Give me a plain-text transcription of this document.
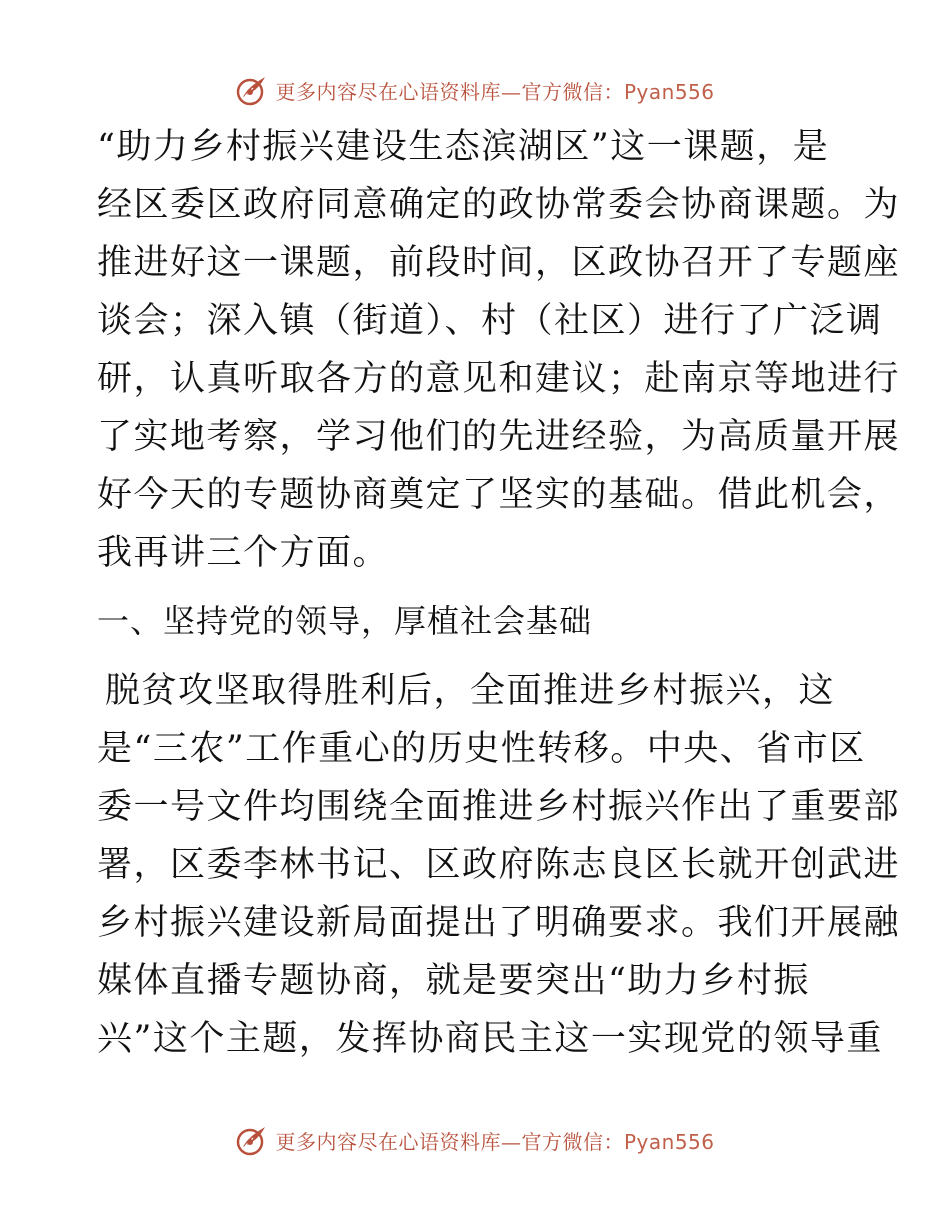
更多内容尽在心语资料库—官方微信：Pyan556
“助力乡村振兴建设生态滨湖区”这一课题，是
经区委区政府同意确定的政协常委会协商课题。为
推进好这一课题，前段时间，区政协召开了专题座
谈会；深入镇（街道）、村（社区）进行了广泛调
研，认真听取各方的意见和建议；赴南京等地进行
了实地考察，学习他们的先进经验，为高质量开展
好今天的专题协商奠定了坚实的基础。借此机会，
我再讲三个方面。
一、坚持党的领导，厚植社会基础
脱贫攻坚取得胜利后，全面推进乡村振兴，这
是“三农”工作重心的历史性转移。中央、省市区
委一号文件均围绕全面推进乡村振兴作出了重要部
署，区委李林书记、区政府陈志良区长就开创武进
乡村振兴建设新局面提出了明确要求。我们开展融
媒体直播专题协商，就是要突出“助力乡村振
兴”这个主题，发挥协商民主这一实现党的领导重
更多内容尽在心语资料库—官方微信：Pyan556
